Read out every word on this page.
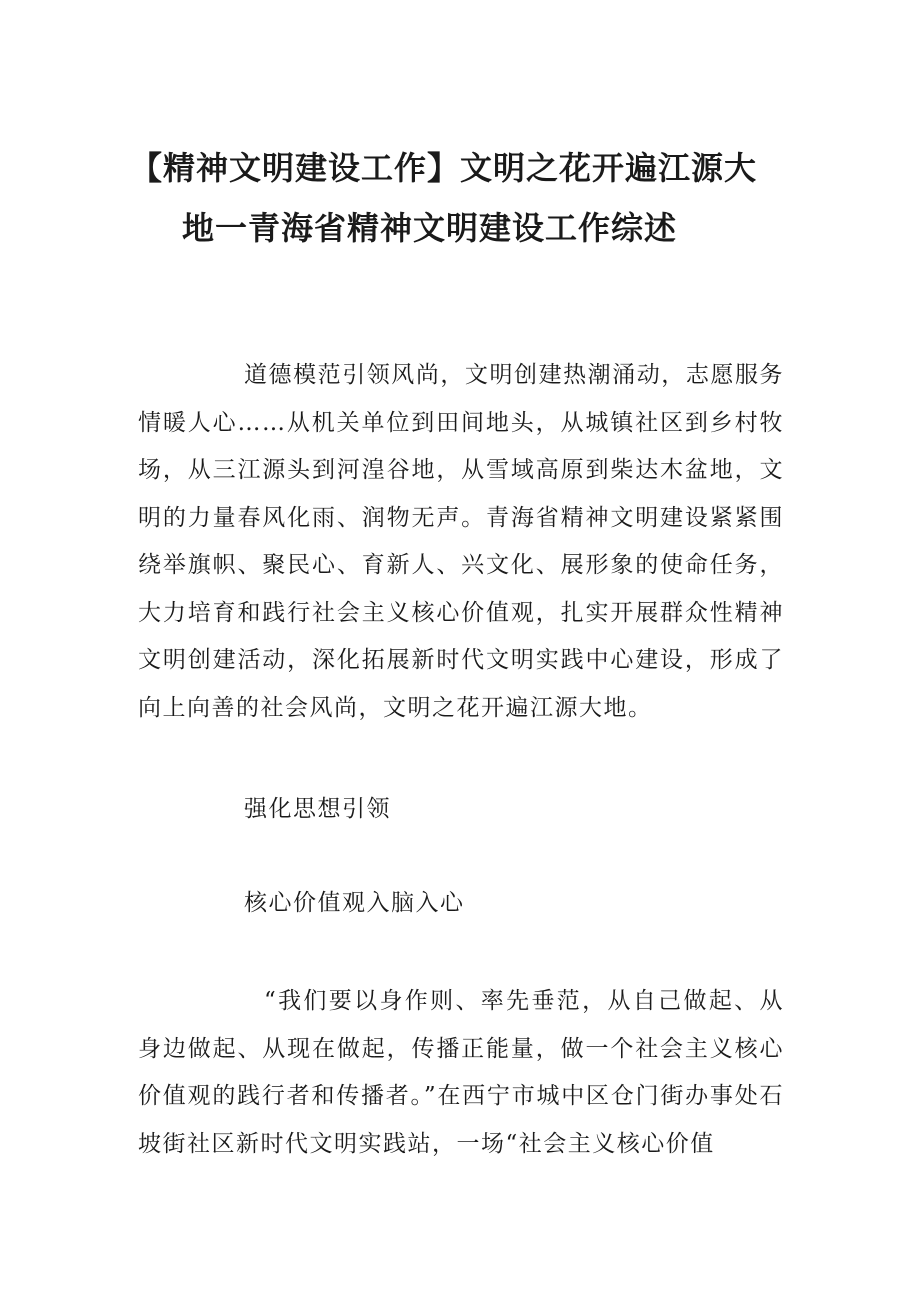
【精神文明建设工作】文明之花开遍江源大
地一青海省精神文明建设工作综述

道德模范引领风尚，文明创建热潮涌动，志愿服务情暖人心……从机关单位到田间地头，从城镇社区到乡村牧场，从三江源头到河湟谷地，从雪域高原到柴达木盆地，文明的力量春风化雨、润物无声。青海省精神文明建设紧紧围绕举旗帜、聚民心、育新人、兴文化、展形象的使命任务，大力培育和践行社会主义核心价值观，扎实开展群众性精神文明创建活动，深化拓展新时代文明实践中心建设，形成了向上向善的社会风尚，文明之花开遍江源大地。

强化思想引领

核心价值观入脑入心

“我们要以身作则、率先垂范，从自己做起、从身边做起、从现在做起，传播正能量，做一个社会主义核心价值观的践行者和传播者。”在西宁市城中区仓门街办事处石坡街社区新时代文明实践站，一场“社会主义核心价值
